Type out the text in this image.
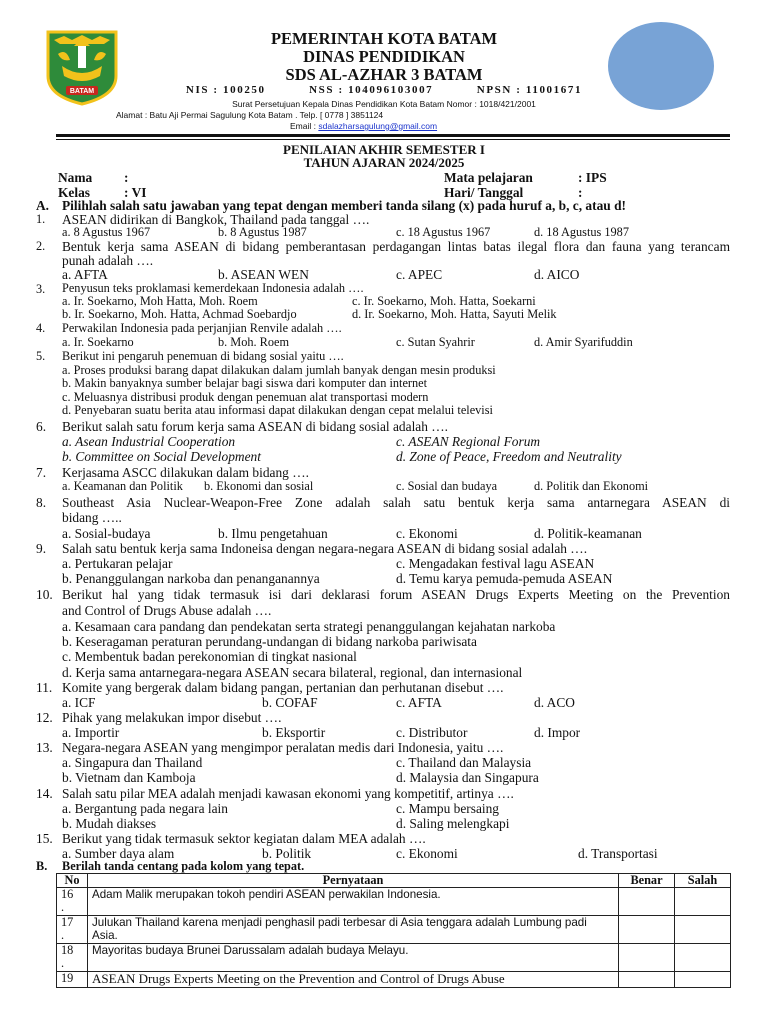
BATAM
PEMERINTAH KOTA BATAM
DINAS PENDIDIKAN
SDS AL-AZHAR 3 BATAM
NIS : 100250          NSS : 104096103007          NPSN : 11001671
Surat Persetujuan Kepala Dinas Pendidikan Kota Batam Nomor : 1018/421/2001
Alamat : Batu Aji Permai Sagulung Kota Batam . Telp. [ 0778 ] 3851124
Email : sdalazharsagulung@gmail.com
PENILAIAN AKHIR SEMESTER I
TAHUN AJARAN 2024/2025
Nama :
Kelas	: VI
Mata pelajaran	: IPS
Hari/ Tanggal	:
A. Pilihlah salah satu jawaban yang tepat dengan memberi tanda silang (x) pada huruf a, b, c, atau d!
1. ASEAN didirikan di Bangkok, Thailand pada tanggal ….
a. 8 Agustus 1967	b. 8 Agustus 1987	c. 18 Agustus 1967	d. 18 Agustus 1987
2. Bentuk kerja sama ASEAN di bidang pemberantasan perdagangan lintas batas ilegal flora dan fauna yang terancam
punah adalah ….
a. AFTA	b. ASEAN WEN	c. APEC	d. AICO
3. Penyusun teks proklamasi kemerdekaan Indonesia adalah ….
a. Ir. Soekarno, Moh Hatta, Moh. Roem	c. Ir. Soekarno, Moh. Hatta, Soekarni
b. Ir. Soekarno, Moh. Hatta, Achmad Soebardjo	d. Ir. Soekarno, Moh. Hatta, Sayuti Melik
4. Perwakilan Indonesia pada perjanjian Renvile adalah ….
a. Ir. Soekarno	b. Moh. Roem	c. Sutan Syahrir	d. Amir Syarifuddin
5. Berikut ini pengaruh penemuan di bidang sosial yaitu ….
a. Proses produksi barang dapat dilakukan dalam jumlah banyak dengan mesin produksi
b. Makin banyaknya sumber belajar bagi siswa dari komputer dan internet
c. Meluasnya distribusi produk dengan penemuan alat transportasi modern
d. Penyebaran suatu berita atau informasi dapat dilakukan dengan cepat melalui televisi
6. Berikut salah satu forum kerja sama ASEAN di bidang sosial adalah ….
a. Asean Industrial Cooperation	c. ASEAN Regional Forum
b. Committee on Social Development	d. Zone of Peace, Freedom and Neutrality
7. Kerjasama ASCC dilakukan dalam bidang ….
a. Keamanan dan Politik b. Ekonomi dan sosial	c. Sosial dan budaya	d. Politik dan Ekonomi
8. Southeast Asia Nuclear-Weapon-Free Zone adalah salah satu bentuk kerja sama antarnegara ASEAN di
bidang …..
a. Sosial-budaya	b. Ilmu pengetahuan	c. Ekonomi	d. Politik-keamanan
9. Salah satu bentuk kerja sama Indoneisa dengan negara-negara ASEAN di bidang sosial adalah ….
a. Pertukaran pelajar	c. Mengadakan festival lagu ASEAN
b. Penanggulangan narkoba dan penanganannya	d. Temu karya pemuda-pemuda ASEAN
10. Berikut hal yang tidak termasuk isi dari deklarasi forum ASEAN Drugs Experts Meeting on the Prevention
and Control of Drugs Abuse adalah ….
a. Kesamaan cara pandang dan pendekatan serta strategi penanggulangan kejahatan narkoba
b. Keseragaman peraturan perundang-undangan di bidang narkoba pariwisata
c. Membentuk badan perekonomian di tingkat nasional
d. Kerja sama antarnegara-negara ASEAN secara bilateral, regional, dan internasional
11. Komite yang bergerak dalam bidang pangan, pertanian dan perhutanan disebut ….
a. ICF	b. COFAF	c. AFTA	d. ACO
12. Pihak yang melakukan impor disebut ….
a. Importir	b. Eksportir	c. Distributor	d. Impor
13. Negara-negara ASEAN yang mengimpor peralatan medis dari Indonesia, yaitu ….
a. Singapura dan Thailand	c. Thailand dan Malaysia
b. Vietnam dan Kamboja	d. Malaysia dan Singapura
14. Salah satu pilar MEA adalah menjadi kawasan ekonomi yang kompetitif, artinya ….
a. Bergantung pada negara lain	c. Mampu bersaing
b. Mudah diakses	d. Saling melengkapi
15. Berikut yang tidak termasuk sektor kegiatan dalam MEA adalah ….
a. Sumber daya alam	b. Politik	c. Ekonomi	d. Transportasi
B. Berilah tanda centang pada kolom yang tepat.
No	Pernyataan	Benar	Salah
16
.	Adam Malik merupakan tokoh pendiri ASEAN perwakilan Indonesia.		
17
.	Julukan Thailand karena menjadi penghasil padi terbesar di Asia tenggara adalah Lumbung padi Asia.		
18
.	Mayoritas budaya Brunei Darussalam adalah budaya Melayu.		
19	ASEAN Drugs Experts Meeting on the Prevention and Control of Drugs Abuse		
